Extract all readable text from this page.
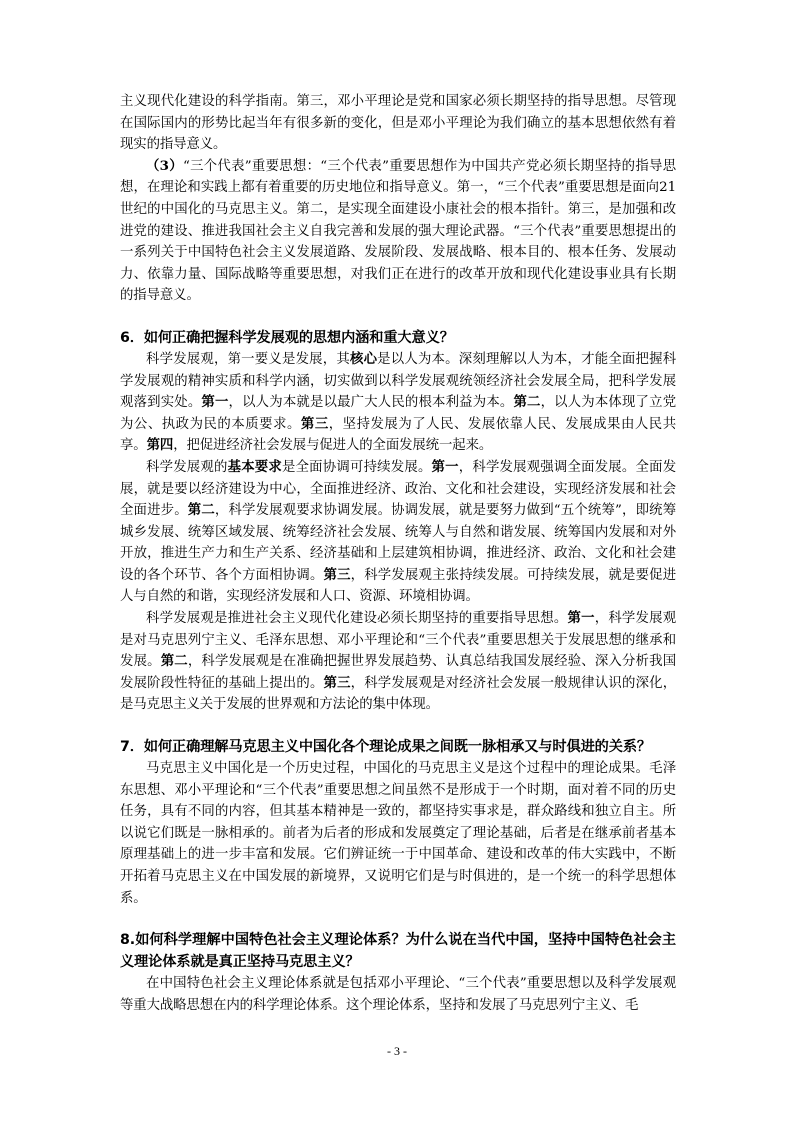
主义现代化建设的科学指南。第三，邓小平理论是党和国家必须长期坚持的指导思想。尽管现在国际国内的形势比起当年有很多新的变化，但是邓小平理论为我们确立的基本思想依然有着现实的指导意义。

（3）“三个代表”重要思想：“三个代表”重要思想作为中国共产党必须长期坚持的指导思想，在理论和实践上都有着重要的历史地位和指导意义。第一，“三个代表”重要思想是面向21世纪的中国化的马克思主义。第二，是实现全面建设小康社会的根本指针。第三，是加强和改进党的建设、推进我国社会主义自我完善和发展的强大理论武器。“三个代表”重要思想提出的一系列关于中国特色社会主义发展道路、发展阶段、发展战略、根本目的、根本任务、发展动力、依靠力量、国际战略等重要思想，对我们正在进行的改革开放和现代化建设事业具有长期的指导意义。

6．如何正确把握科学发展观的思想内涵和重大意义？

科学发展观，第一要义是发展，其核心是以人为本。深刻理解以人为本，才能全面把握科学发展观的精神实质和科学内涵，切实做到以科学发展观统领经济社会发展全局，把科学发展观落到实处。第一，以人为本就是以最广大人民的根本利益为本。第二，以人为本体现了立党为公、执政为民的本质要求。第三，坚持发展为了人民、发展依靠人民、发展成果由人民共享。第四，把促进经济社会发展与促进人的全面发展统一起来。

科学发展观的基本要求是全面协调可持续发展。第一，科学发展观强调全面发展。全面发展，就是要以经济建设为中心，全面推进经济、政治、文化和社会建设，实现经济发展和社会全面进步。第二，科学发展观要求协调发展。协调发展，就是要努力做到“五个统筹”，即统筹城乡发展、统筹区域发展、统筹经济社会发展、统筹人与自然和谐发展、统筹国内发展和对外开放，推进生产力和生产关系、经济基础和上层建筑相协调，推进经济、政治、文化和社会建设的各个环节、各个方面相协调。第三，科学发展观主张持续发展。可持续发展，就是要促进人与自然的和谐，实现经济发展和人口、资源、环境相协调。

科学发展观是推进社会主义现代化建设必须长期坚持的重要指导思想。第一，科学发展观是对马克思列宁主义、毛泽东思想、邓小平理论和“三个代表”重要思想关于发展思想的继承和发展。第二，科学发展观是在准确把握世界发展趋势、认真总结我国发展经验、深入分析我国发展阶段性特征的基础上提出的。第三，科学发展观是对经济社会发展一般规律认识的深化，是马克思主义关于发展的世界观和方法论的集中体现。

7．如何正确理解马克思主义中国化各个理论成果之间既一脉相承又与时俱进的关系？

马克思主义中国化是一个历史过程，中国化的马克思主义是这个过程中的理论成果。毛泽东思想、邓小平理论和“三个代表”重要思想之间虽然不是形成于一个时期，面对着不同的历史任务，具有不同的内容，但其基本精神是一致的，都坚持实事求是，群众路线和独立自主。所以说它们既是一脉相承的。前者为后者的形成和发展奠定了理论基础，后者是在继承前者基本原理基础上的进一步丰富和发展。它们辨证统一于中国革命、建设和改革的伟大实践中，不断开拓着马克思主义在中国发展的新境界，又说明它们是与时俱进的，是一个统一的科学思想体系。

8.如何科学理解中国特色社会主义理论体系？为什么说在当代中国，坚持中国特色社会主义理论体系就是真正坚持马克思主义？

在中国特色社会主义理论体系就是包括邓小平理论、“三个代表”重要思想以及科学发展观等重大战略思想在内的科学理论体系。这个理论体系，坚持和发展了马克思列宁主义、毛

- 3 -
